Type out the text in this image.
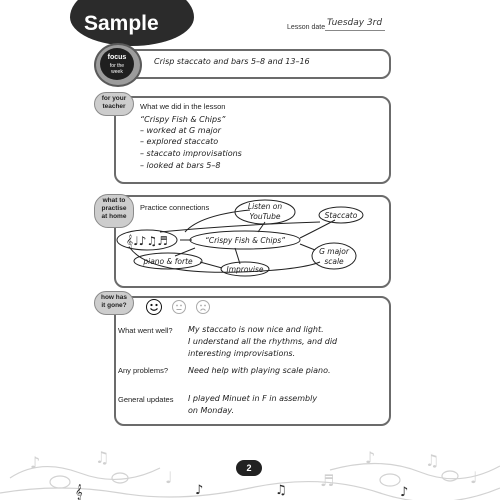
Sample	Lesson date Tuesday 3rd
focus
for the
week
Crisp staccato and bars 5–8 and 13–16
for your
teacher	What we did in the lesson
“Crispy Fish & Chips”
– worked at G major
– explored staccato
– staccato improvisations
– looked at bars 5–8
what to
practise
at home
Practice connections	Listen on
YouTube	Staccato
𝄞♩♪♫♬	“Crispy Fish & Chips”
G major
scale
piano & forte
Improvise
how has
it gone?
What went well? My staccato is now nice and light.
I understand all the rhythms, and did
interesting improvisations.
Any problems? Need help with playing scale piano.
General updates I played Minuet in F in assembly
on Monday.
♪	♫
♩	♬
♪	♫
♩
𝄞	♪	♫	♪
2
